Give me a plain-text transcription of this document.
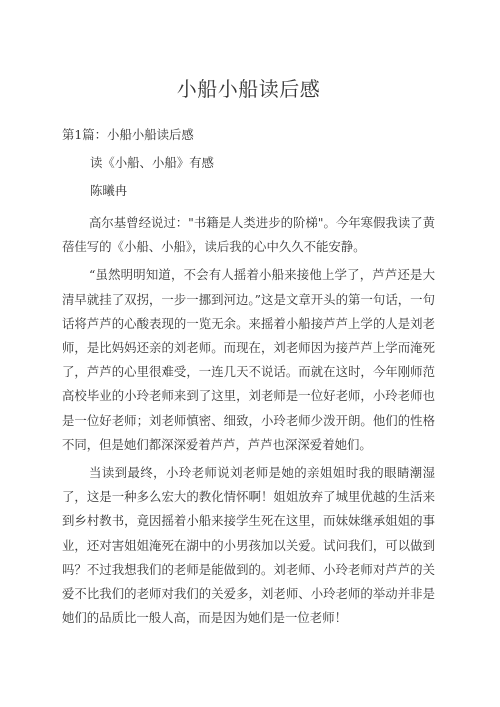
小船小船读后感
第1篇：小船小船读后感
读《小船、小船》有感
陈曦冉

高尔基曾经说过："书籍是人类进步的阶梯"。今年寒假我读了黄蓓佳写的《小船、小船》，读后我的心中久久不能安静。

“虽然明明知道，不会有人摇着小船来接他上学了，芦芦还是大清早就挂了双拐，一步一挪到河边。”这是文章开头的第一句话，一句话将芦芦的心酸表现的一览无余。来摇着小船接芦芦上学的人是刘老师，是比妈妈还亲的刘老师。而现在，刘老师因为接芦芦上学而淹死了，芦芦的心里很难受，一连几天不说话。而就在这时，今年刚师范高校毕业的小玲老师来到了这里，刘老师是一位好老师，小玲老师也是一位好老师；刘老师慎密、细致，小玲老师少泼开朗。他们的性格不同，但是她们都深深爱着芦芦，芦芦也深深爱着她们。

当读到最终，小玲老师说刘老师是她的亲姐姐时我的眼睛潮湿了，这是一种多么宏大的教化情怀啊！姐姐放弃了城里优越的生活来到乡村教书，竟因摇着小船来接学生死在这里，而妹妹继承姐姐的事业，还对害姐姐淹死在湖中的小男孩加以关爱。试问我们，可以做到吗？不过我想我们的老师是能做到的。刘老师、小玲老师对芦芦的关爱不比我们的老师对我们的关爱多，刘老师、小玲老师的举动并非是她们的品质比一般人高，而是因为她们是一位老师！
